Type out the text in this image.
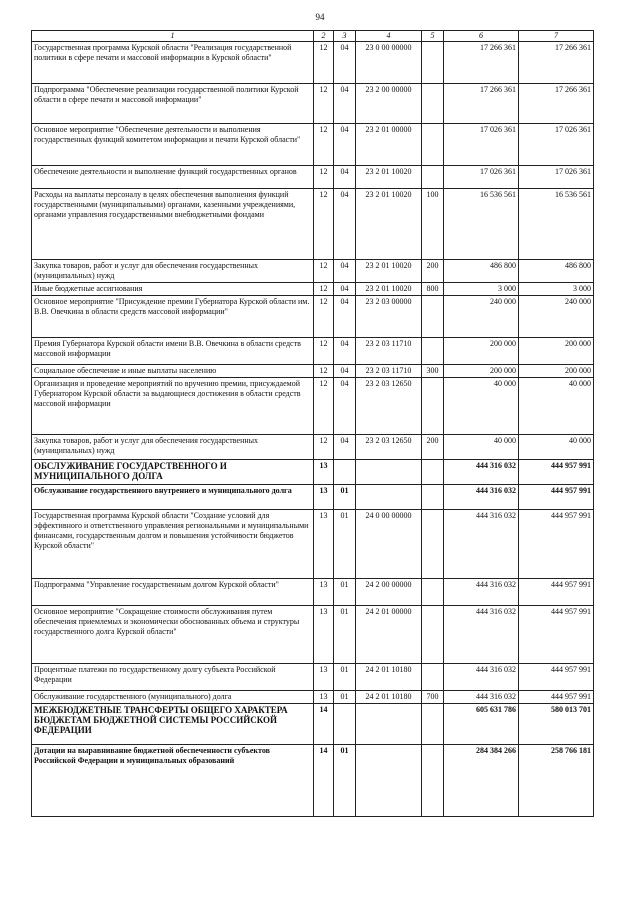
94
1	2	3	4	5	6	7
Государственная программа Курской области "Реализация государственной политики в сфере печати и массовой информации в Курской области"	12	04	23 0 00 00000		17 266 361	17 266 361
Подпрограмма "Обеспечение реализации государственной политики Курской области в сфере печати и массовой информации"	12	04	23 2 00 00000		17 266 361	17 266 361
Основное мероприятие "Обеспечение деятельности и выполнения государственных функций комитетом информации и печати Курской области"	12	04	23 2 01 00000		17 026 361	17 026 361
Обеспечение деятельности и выполнение функций государственных органов	12	04	23 2 01 10020		17 026 361	17 026 361
Расходы на выплаты персоналу в целях обеспечения выполнения функций государственными (муниципальными) органами, казенными учреждениями, органами управления государственными внебюджетными фондами	12	04	23 2 01 10020	100	16 536 561	16 536 561
Закупка товаров, работ и услуг для обеспечения государственных (муниципальных) нужд	12	04	23 2 01 10020	200	486 800	486 800
Иные бюджетные ассигнования	12	04	23 2 01 10020	800	3 000	3 000
Основное мероприятие "Присуждение премии Губернатора Курской области им. В.В. Овечкина в области средств массовой информации"	12	04	23 2 03 00000		240 000	240 000
Премия Губернатора Курской области имени В.В. Овечкина в области средств массовой информации	12	04	23 2 03 11710		200 000	200 000
Социальное обеспечение и иные выплаты населению	12	04	23 2 03 11710	300	200 000	200 000
Организация и проведение мероприятий по вручению премии, присуждаемой Губернатором Курской области за выдающиеся достижения в области средств массовой информации	12	04	23 2 03 12650		40 000	40 000
Закупка товаров, работ и услуг для обеспечения государственных (муниципальных) нужд	12	04	23 2 03 12650	200	40 000	40 000
ОБСЛУЖИВАНИЕ ГОСУДАРСТВЕННОГО И МУНИЦИПАЛЬНОГО ДОЛГА	13				444 316 032	444 957 991
Обслуживание государственного внутреннего и муниципального долга	13	01			444 316 032	444 957 991
Государственная программа Курской области "Создание условий для эффективного и ответственного управления региональными и муниципальными финансами, государственным долгом и повышения устойчивости бюджетов Курской области"	13	01	24 0 00 00000		444 316 032	444 957 991
Подпрограмма "Управление государственным долгом Курской области"	13	01	24 2 00 00000		444 316 032	444 957 991
Основное мероприятие "Сокращение стоимости обслуживания путем обеспечения приемлемых и экономически обоснованных объема и структуры государственного долга Курской области"	13	01	24 2 01 00000		444 316 032	444 957 991
Процентные платежи по государственному долгу субъекта Российской Федерации	13	01	24 2 01 10180		444 316 032	444 957 991
Обслуживание государственного (муниципального) долга	13	01	24 2 01 10180	700	444 316 032	444 957 991
МЕЖБЮДЖЕТНЫЕ ТРАНСФЕРТЫ ОБЩЕГО ХАРАКТЕРА БЮДЖЕТАМ БЮДЖЕТНОЙ СИСТЕМЫ РОССИЙСКОЙ ФЕДЕРАЦИИ	14				605 631 786	580 013 701
Дотации на выравнивание бюджетной обеспеченности субъектов Российской Федерации и муниципальных образований	14	01			284 384 266	258 766 181
